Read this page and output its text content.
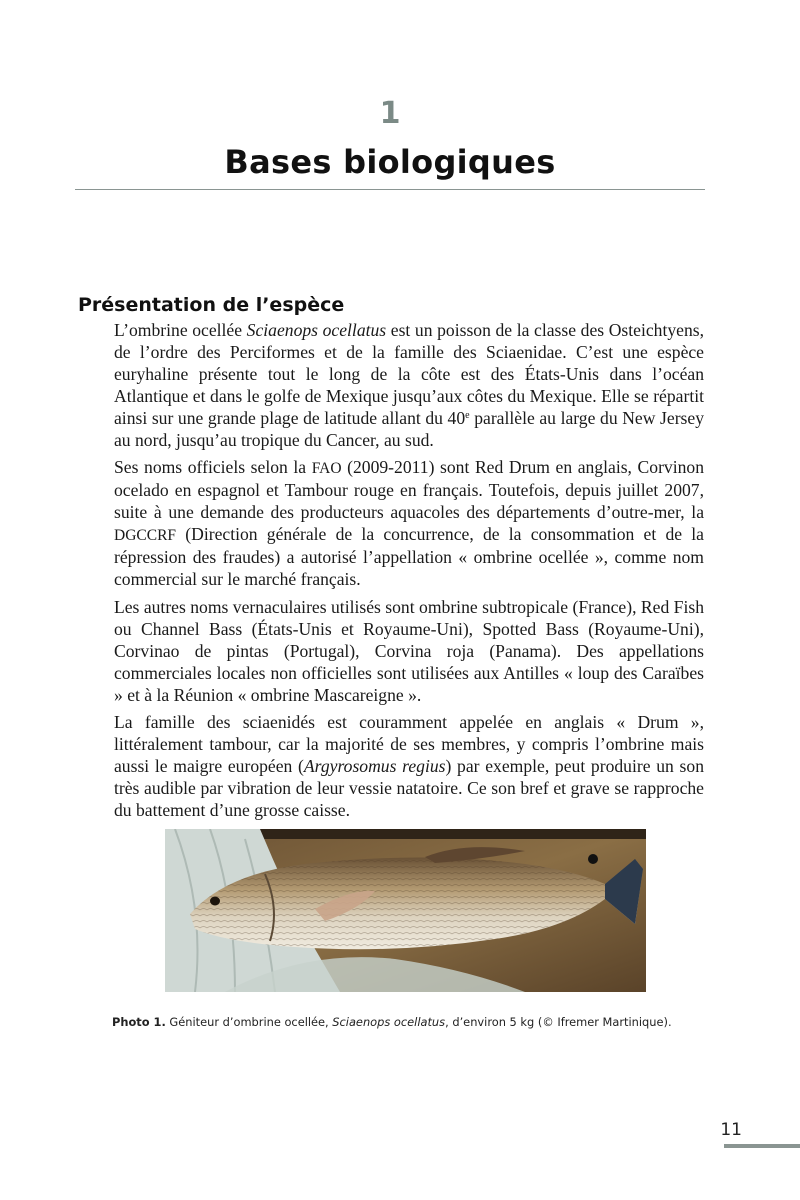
1
Bases biologiques
Présentation de l’espèce

L’ombrine ocellée Sciaenops ocellatus est un poisson de la classe des Osteichtyens, de l’ordre des Perciformes et de la famille des Sciaenidae. C’est une espèce euryhaline présente tout le long de la côte est des États-Unis dans l’océan Atlantique et dans le golfe de Mexique jusqu’aux côtes du Mexique. Elle se répartit ainsi sur une grande plage de latitude allant du 40e parallèle au large du New Jersey au nord, jusqu’au tropique du Cancer, au sud.

Ses noms officiels selon la FAO (2009-2011) sont Red Drum en anglais, Corvinon ocelado en espagnol et Tambour rouge en français. Toutefois, depuis juillet 2007, suite à une demande des producteurs aquacoles des départements d’outre-mer, la DGCCRF (Direction générale de la concurrence, de la consommation et de la répression des fraudes) a autorisé l’appellation « ombrine ocellée », comme nom commercial sur le marché français.

Les autres noms vernaculaires utilisés sont ombrine subtropicale (France), Red Fish ou Channel Bass (États-Unis et Royaume-Uni), Spotted Bass (Royaume-Uni), Corvinao de pintas (Portugal), Corvina roja (Panama). Des appellations commerciales locales non officielles sont utilisées aux Antilles « loup des Caraïbes » et à la Réunion « ombrine Mascareigne ».

La famille des sciaenidés est couramment appelée en anglais « Drum », littéralement tambour, car la majorité de ses membres, y compris l’ombrine mais aussi le maigre européen (Argyrosomus regius) par exemple, peut produire un son très audible par vibration de leur vessie natatoire. Ce son bref et grave se rapproche du battement d’une grosse caisse.

Photo 1. Géniteur d’ombrine ocellée, Sciaenops ocellatus, d’environ 5 kg (© Ifremer Martinique).

11
